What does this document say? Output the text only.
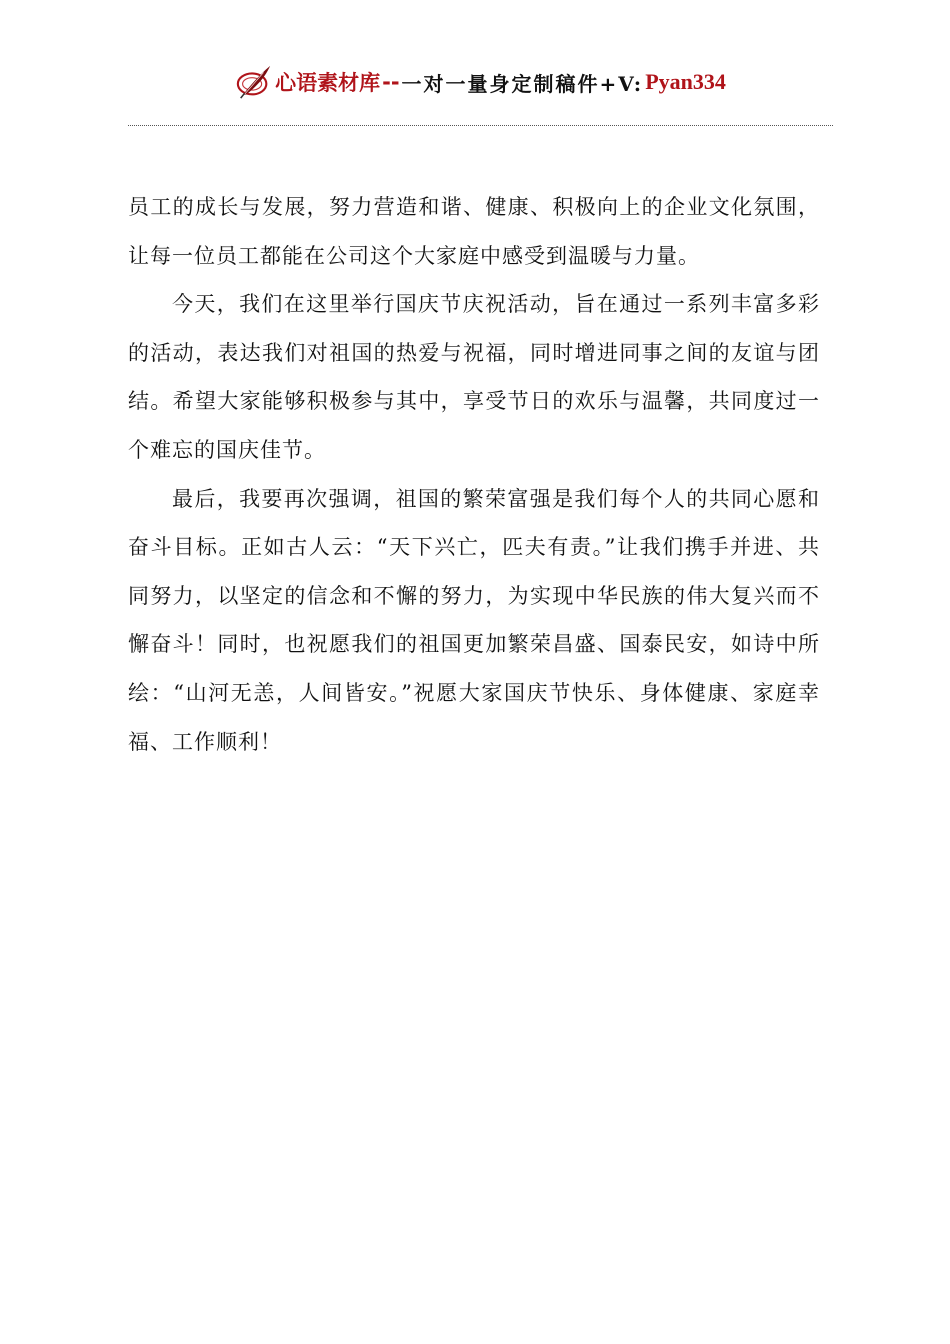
心语素材库 -- 一对一量身定制稿件+V: Pyan334

员工的成长与发展，努力营造和谐、健康、积极向上的企业文化氛围，让每一位员工都能在公司这个大家庭中感受到温暖与力量。

今天，我们在这里举行国庆节庆祝活动，旨在通过一系列丰富多彩的活动，表达我们对祖国的热爱与祝福，同时增进同事之间的友谊与团结。希望大家能够积极参与其中，享受节日的欢乐与温馨，共同度过一个难忘的国庆佳节。

最后，我要再次强调，祖国的繁荣富强是我们每个人的共同心愿和奋斗目标。正如古人云：“天下兴亡，匹夫有责。”让我们携手并进、共同努力，以坚定的信念和不懈的努力，为实现中华民族的伟大复兴而不懈奋斗！同时，也祝愿我们的祖国更加繁荣昌盛、国泰民安，如诗中所绘：“山河无恙，人间皆安。”祝愿大家国庆节快乐、身体健康、家庭幸福、工作顺利！
